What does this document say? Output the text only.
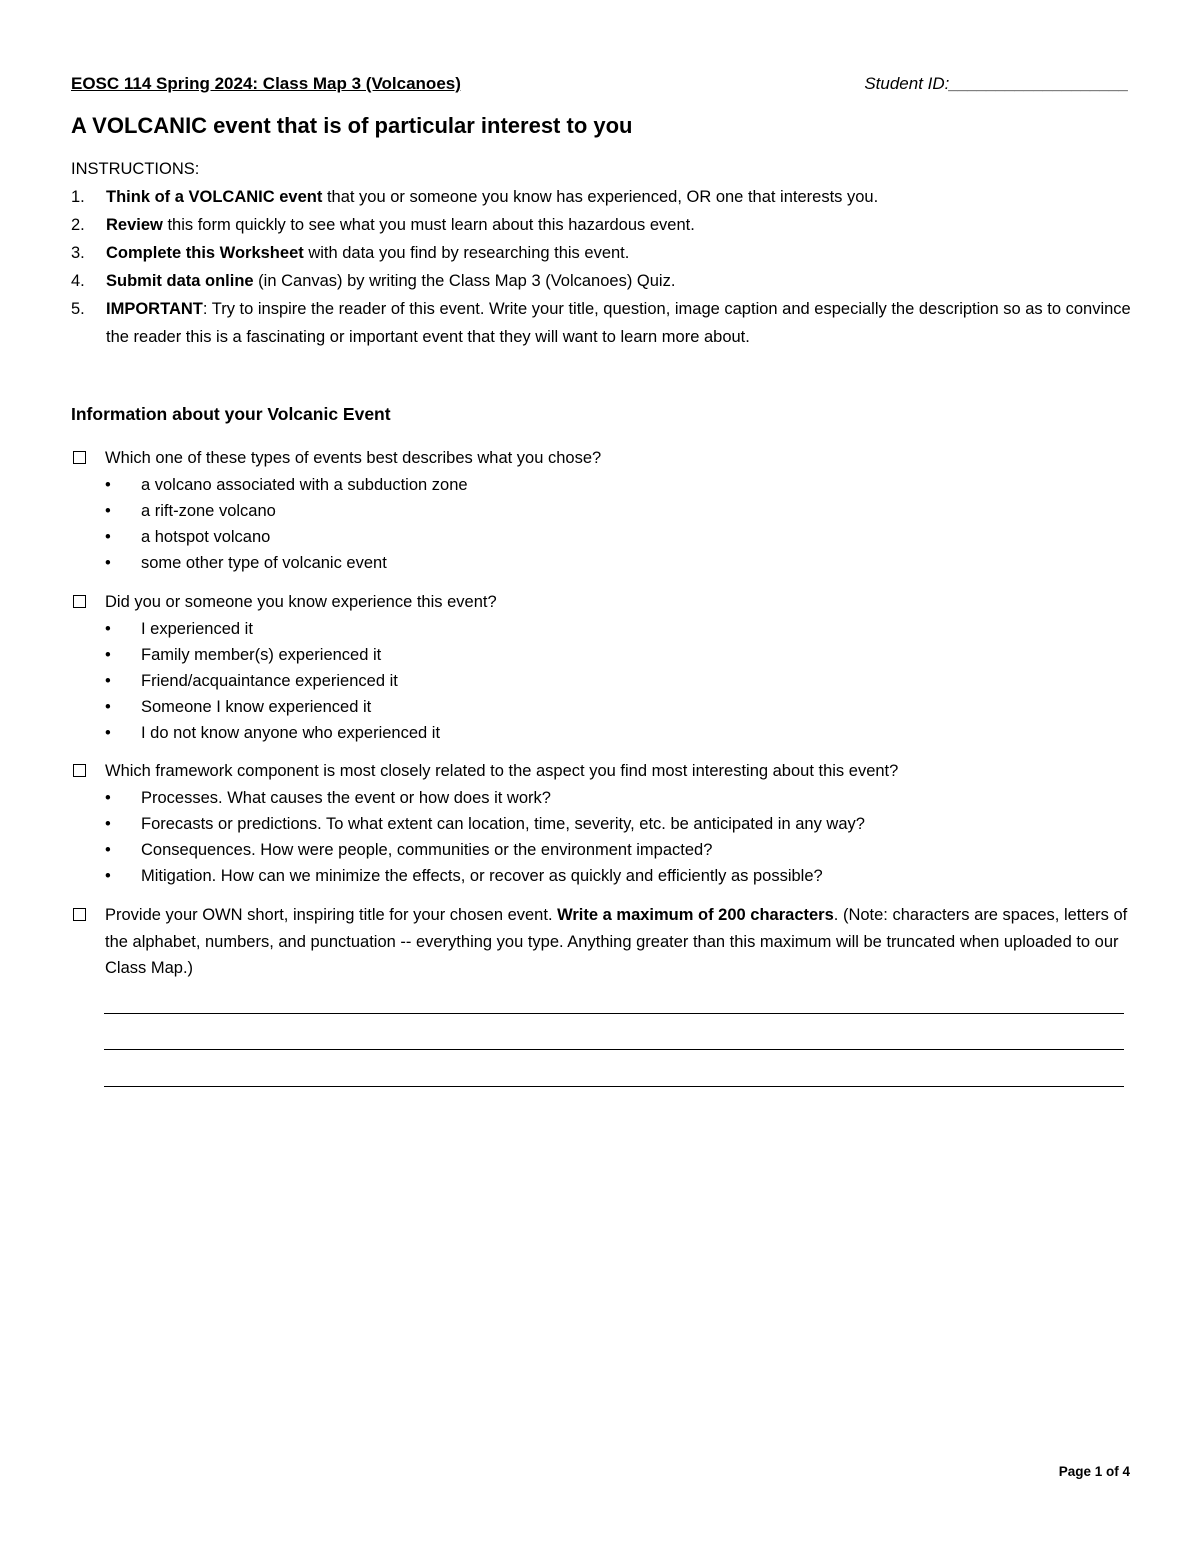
EOSC 114 Spring 2024: Class Map 3 (Volcanoes)	Student ID:___________________
A VOLCANIC event that is of particular interest to you
INSTRUCTIONS:
1. Think of a VOLCANIC event that you or someone you know has experienced, OR one that interests you.
2. Review this form quickly to see what you must learn about this hazardous event.
3. Complete this Worksheet with data you find by researching this event.
4. Submit data online (in Canvas) by writing the Class Map 3 (Volcanoes) Quiz.
5. IMPORTANT: Try to inspire the reader of this event. Write your title, question, image caption and especially the description so as to convince the reader this is a fascinating or important event that they will want to learn more about.
Information about your Volcanic Event
Which one of these types of events best describes what you chose?
• a volcano associated with a subduction zone
• a rift-zone volcano
• a hotspot volcano
• some other type of volcanic event
Did you or someone you know experience this event?
• I experienced it
• Family member(s) experienced it
• Friend/acquaintance experienced it
• Someone I know experienced it
• I do not know anyone who experienced it
Which framework component is most closely related to the aspect you find most interesting about this event?
• Processes. What causes the event or how does it work?
• Forecasts or predictions. To what extent can location, time, severity, etc. be anticipated in any way?
• Consequences. How were people, communities or the environment impacted?
• Mitigation. How can we minimize the effects, or recover as quickly and efficiently as possible?
Provide your OWN short, inspiring title for your chosen event. Write a maximum of 200 characters. (Note: characters are spaces, letters of the alphabet, numbers, and punctuation -- everything you type. Anything greater than this maximum will be truncated when uploaded to our Class Map.)
Page 1 of 4
